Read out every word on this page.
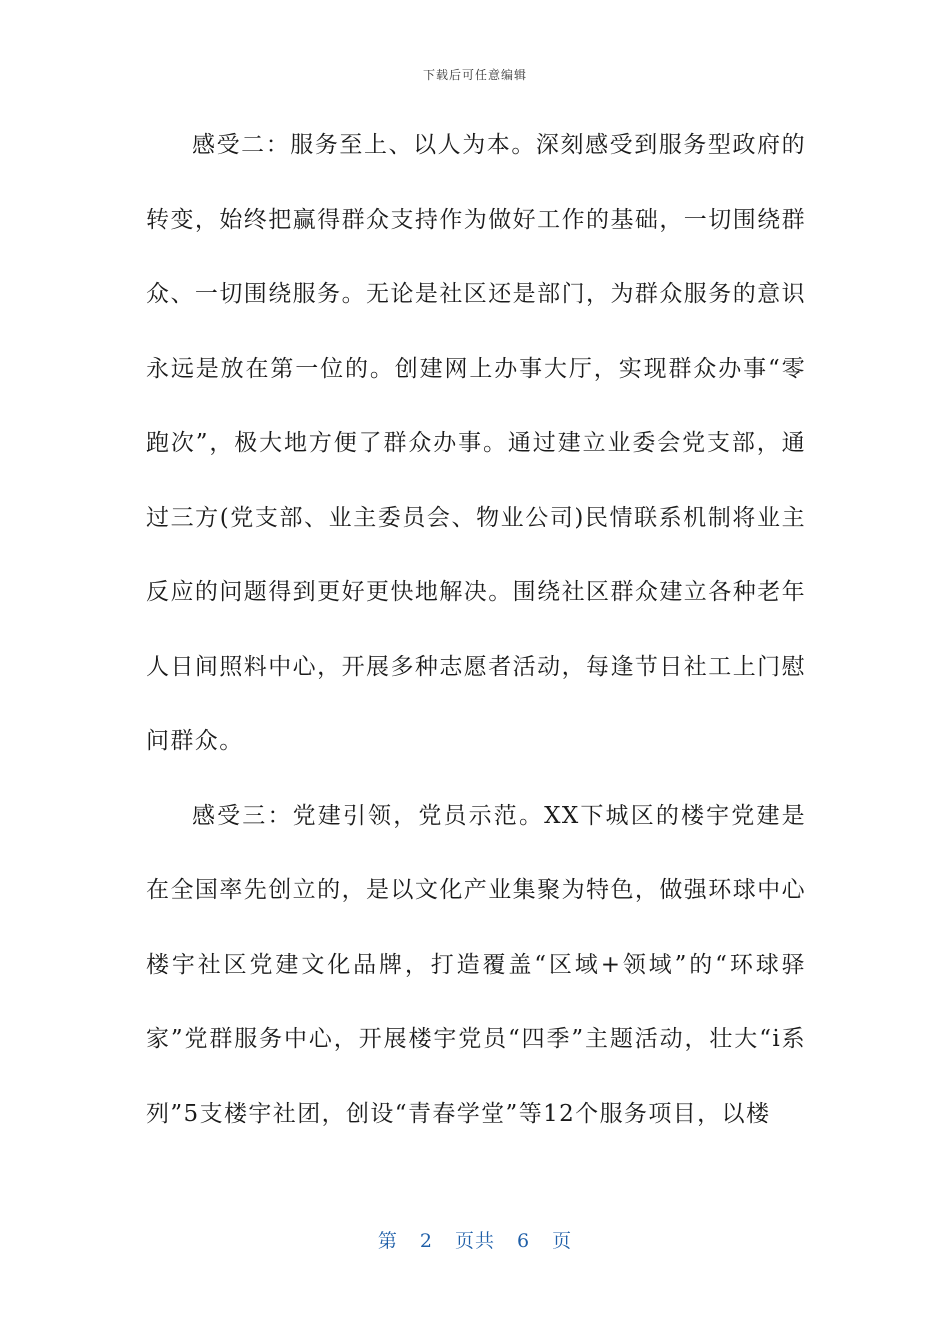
下载后可任意编辑

感受二：服务至上、以人为本。深刻感受到服务型政府的转变，始终把赢得群众支持作为做好工作的基础，一切围绕群众、一切围绕服务。无论是社区还是部门，为群众服务的意识永远是放在第一位的。创建网上办事大厅，实现群众办事“零跑次”，极大地方便了群众办事。通过建立业委会党支部，通过三方(党支部、业主委员会、物业公司)民情联系机制将业主反应的问题得到更好更快地解决。围绕社区群众建立各种老年人日间照料中心，开展多种志愿者活动，每逢节日社工上门慰问群众。

感受三：党建引领，党员示范。XX下城区的楼宇党建是在全国率先创立的，是以文化产业集聚为特色，做强环球中心楼宇社区党建文化品牌，打造覆盖“区域+领域”的“环球驿家”党群服务中心，开展楼宇党员“四季”主题活动，壮大“i系列”5支楼宇社团，创设“青春学堂”等12个服务项目，以楼

第 2 页共 6 页
